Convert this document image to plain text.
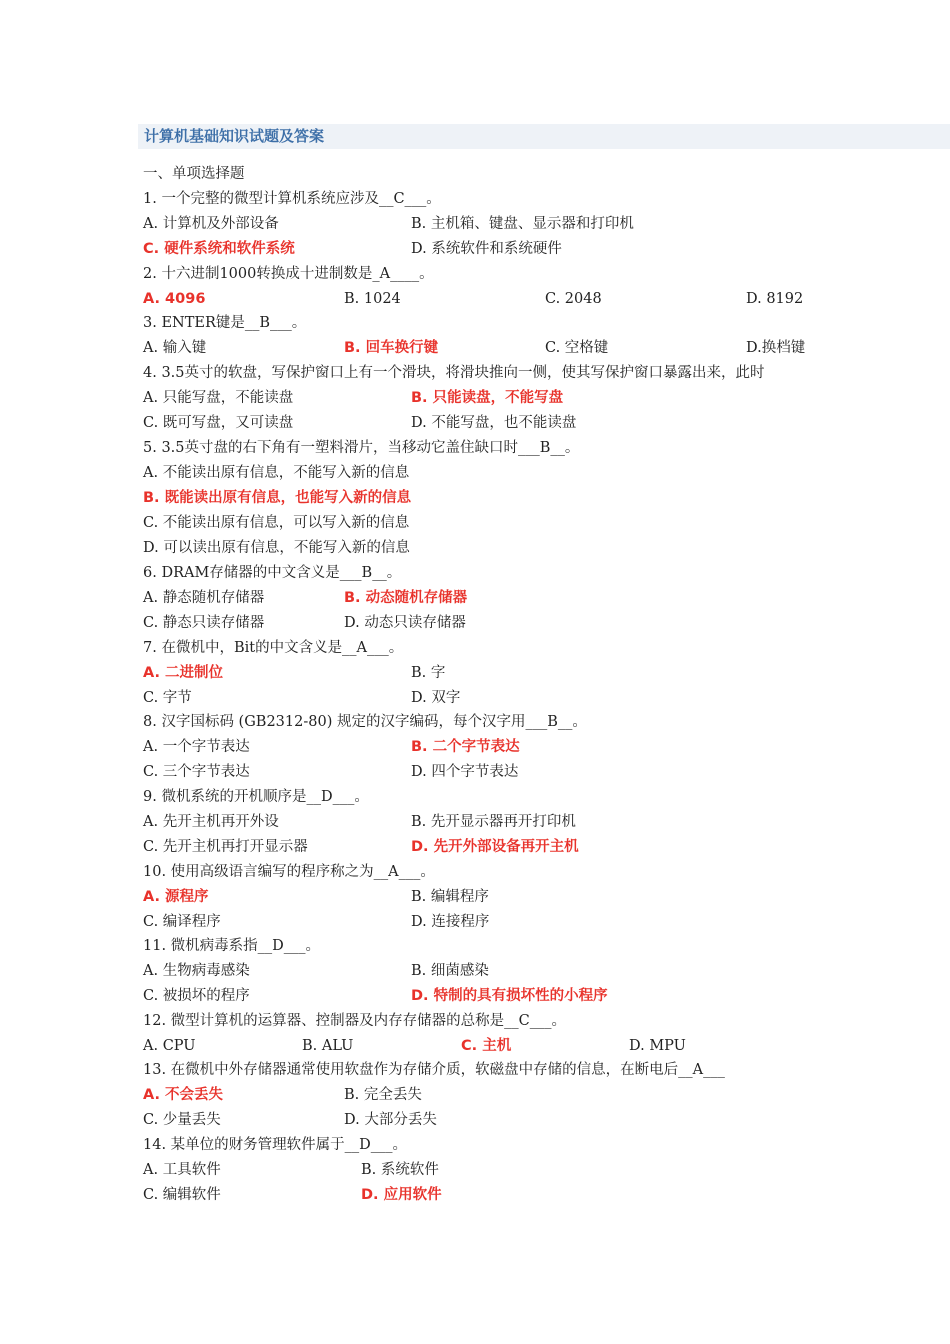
计算机基础知识试题及答案
一、单项选择题
1. 一个完整的微型计算机系统应涉及__C___。
A. 计算机及外部设备	B. 主机箱、键盘、显示器和打印机
C. 硬件系统和软件系统	D. 系统软件和系统硬件
2. 十六进制1000转换成十进制数是_A____。
A. 4096	B. 1024	C. 2048	D. 8192
3. ENTER键是__B___。
A. 输入键	B. 回车换行键	C. 空格键	D.换档键
4. 3.5英寸的软盘，写保护窗口上有一个滑块，将滑块推向一侧，使其写保护窗口暴露出来，此时
A. 只能写盘，不能读盘	B. 只能读盘，不能写盘
C. 既可写盘，又可读盘	D. 不能写盘，也不能读盘
5. 3.5英寸盘的右下角有一塑料滑片，当移动它盖住缺口时___B__。
A. 不能读出原有信息，不能写入新的信息
B. 既能读出原有信息，也能写入新的信息
C. 不能读出原有信息，可以写入新的信息
D. 可以读出原有信息，不能写入新的信息
6. DRAM存储器的中文含义是___B__。
A. 静态随机存储器	B. 动态随机存储器
C. 静态只读存储器	D. 动态只读存储器
7. 在微机中，Bit的中文含义是__A___。
A. 二进制位	B. 字
C. 字节	D. 双字
8. 汉字国标码 (GB2312-80) 规定的汉字编码，每个汉字用___B__。
A. 一个字节表达	B. 二个字节表达
C. 三个字节表达	D. 四个字节表达
9. 微机系统的开机顺序是__D___。
A. 先开主机再开外设	B. 先开显示器再开打印机
C. 先开主机再打开显示器	D. 先开外部设备再开主机
10. 使用高级语言编写的程序称之为__A___。
A. 源程序	B. 编辑程序
C. 编译程序	D. 连接程序
11. 微机病毒系指__D___。
A. 生物病毒感染	B. 细菌感染
C. 被损坏的程序	D. 特制的具有损坏性的小程序
12. 微型计算机的运算器、控制器及内存存储器的总称是__C___。
A. CPU	B. ALU	C. 主机	D. MPU
13. 在微机中外存储器通常使用软盘作为存储介质，软磁盘中存储的信息，在断电后__A___
A. 不会丢失	B. 完全丢失
C. 少量丢失	D. 大部分丢失
14. 某单位的财务管理软件属于__D___。
A. 工具软件	B. 系统软件
C. 编辑软件	D. 应用软件
